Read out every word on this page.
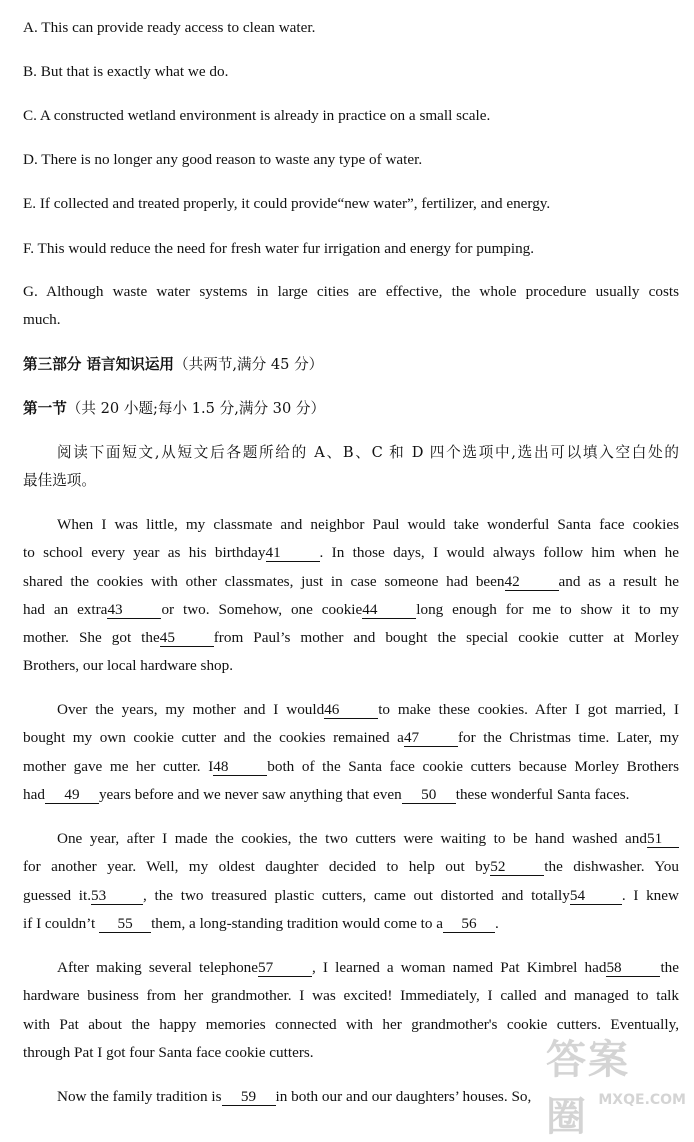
A. This can provide ready access to clean water.
B. But that is exactly what we do.
C. A constructed wetland environment is already in practice on a small scale.
D. There is no longer any good reason to waste any type of water.
E. If collected and treated properly, it could provide“new water”, fertilizer, and energy.
F. This would reduce the need for fresh water fur irrigation and energy for pumping.
G. Although waste water systems in large cities are effective, the whole procedure usually costs
much.
第三部分 语言知识运用（共两节,满分 45 分）
第一节（共 20 小题;每小 1.5 分,满分 30 分）
阅读下面短文,从短文后各题所给的 A、B、C 和 D 四个选项中,选出可以填入空白处的
最佳选项。
When I was little, my classmate and neighbor Paul would take wonderful Santa face cookies
to school every year as his birthday41	. In those days, I would always follow him when he
shared the cookies with other classmates, just in case someone had been42	and as a result he
had an extra43	or two. Somehow, one cookie44	long enough for me to show it to my
mother. She got the45	from Paul’s mother and bought the special cookie cutter at Morley
Brothers, our local hardware shop.
Over the years, my mother and I would46	to make these cookies. After I got married, I
bought my own cookie cutter and the cookies remained a47	for the Christmas time. Later, my
mother gave me her cutter. I48	both of the Santa face cookie cutters because Morley Brothers
had 49 years before and we never saw anything that even 50 these wonderful Santa faces.
One year, after I made the cookies, the two cutters were waiting to be hand washed and51
for another year. Well, my oldest daughter decided to help out by52	the dishwasher. You
guessed it.53 , the two treasured plastic cutters, came out distorted and totally54 . I knew
if I couldn’t 55 them, a long-standing tradition would come to a 56 .
After making several telephone57	, I learned a woman named Pat Kimbrel had58	the
hardware business from her grandmother. I was excited! Immediately, I called and managed to talk
with Pat about the happy memories connected with her grandmother's cookie cutters. Eventually,
through Pat I got four Santa face cookie cutters.
Now the family tradition is 59 in both our and our daughters’ houses. So,
答案圈 MXQE.COM
